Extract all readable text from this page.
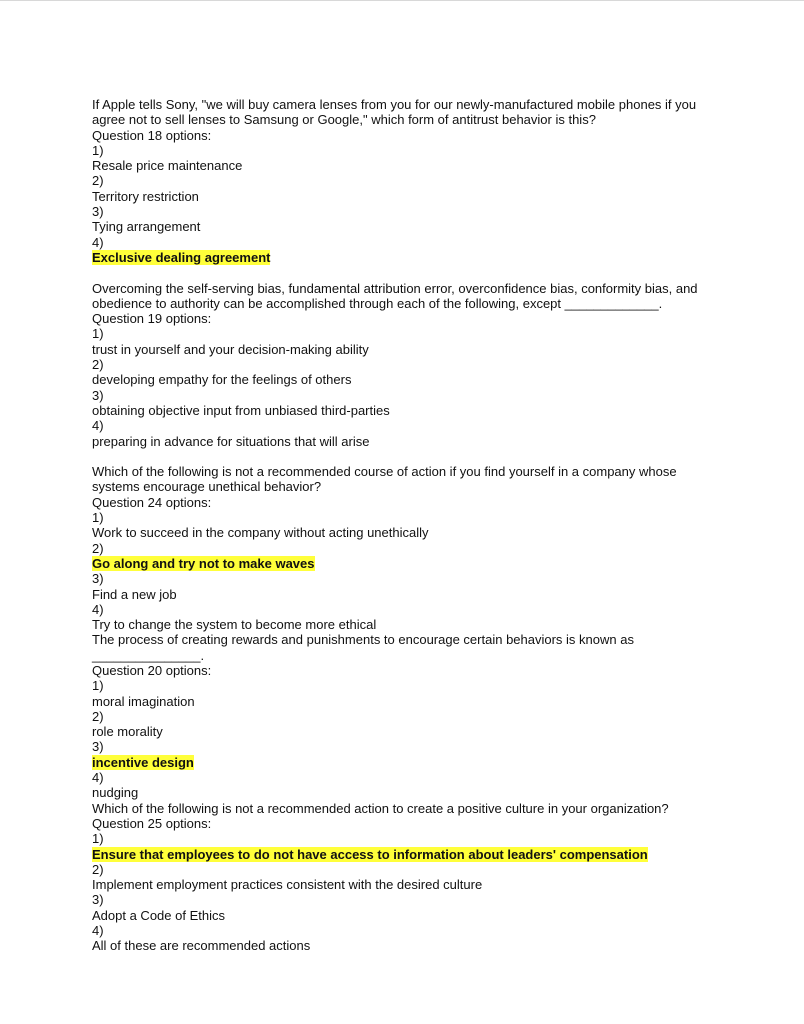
If Apple tells Sony, "we will buy camera lenses from you for our newly-manufactured mobile phones if you
agree not to sell lenses to Samsung or Google," which form of antitrust behavior is this?
Question 18 options:
1)
Resale price maintenance
2)
Territory restriction
3)
Tying arrangement
4)
Exclusive dealing agreement
Overcoming the self-serving bias, fundamental attribution error, overconfidence bias, conformity bias, and
obedience to authority can be accomplished through each of the following, except _____________.
Question 19 options:
1)
trust in yourself and your decision-making ability
2)
developing empathy for the feelings of others
3)
obtaining objective input from unbiased third-parties
4)
preparing in advance for situations that will arise
Which of the following is not a recommended course of action if you find yourself in a company whose
systems encourage unethical behavior?
Question 24 options:
1)
Work to succeed in the company without acting unethically
2)
Go along and try not to make waves
3)
Find a new job
4)
Try to change the system to become more ethical
The process of creating rewards and punishments to encourage certain behaviors is known as
_______________.
Question 20 options:
1)
moral imagination
2)
role morality
3)
incentive design
4)
nudging
Which of the following is not a recommended action to create a positive culture in your organization?
Question 25 options:
1)
Ensure that employees to do not have access to information about leaders' compensation
2)
Implement employment practices consistent with the desired culture
3)
Adopt a Code of Ethics
4)
All of these are recommended actions
